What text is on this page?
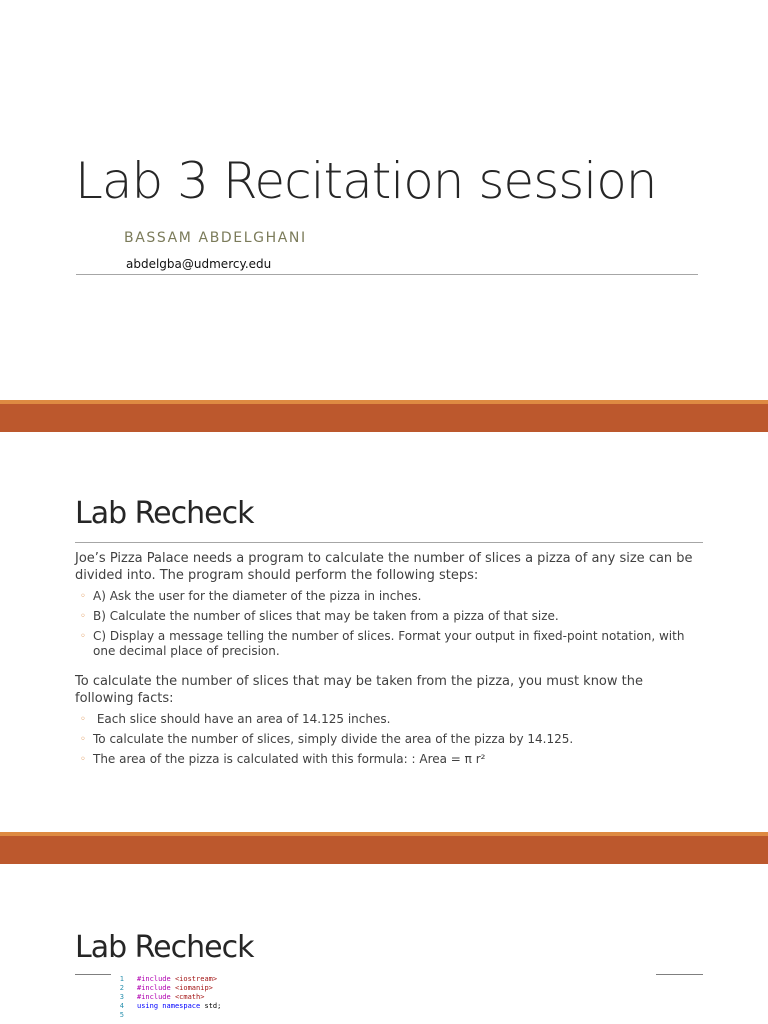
Lab 3 Recitation session
BASSAM ABDELGHANI
abdelgba@udmercy.edu
Lab Recheck

Joe’s Pizza Palace needs a program to calculate the number of slices a pizza of any size can be divided into. The program should perform the following steps:

◦ A) Ask the user for the diameter of the pizza in inches.
◦ B) Calculate the number of slices that may be taken from a pizza of that size.
◦ C) Display a message telling the number of slices. Format your output in fixed-point notation, with one decimal place of precision.

To calculate the number of slices that may be taken from the pizza, you must know the following facts:

◦ Each slice should have an area of 14.125 inches.
◦ To calculate the number of slices, simply divide the area of the pizza by 14.125.
◦ The area of the pizza is calculated with this formula: : Area = π r²
Lab Recheck
1 #include <iostream>
2 #include <iomanip>
3 #include <cmath>
4 using namespace std;
5
